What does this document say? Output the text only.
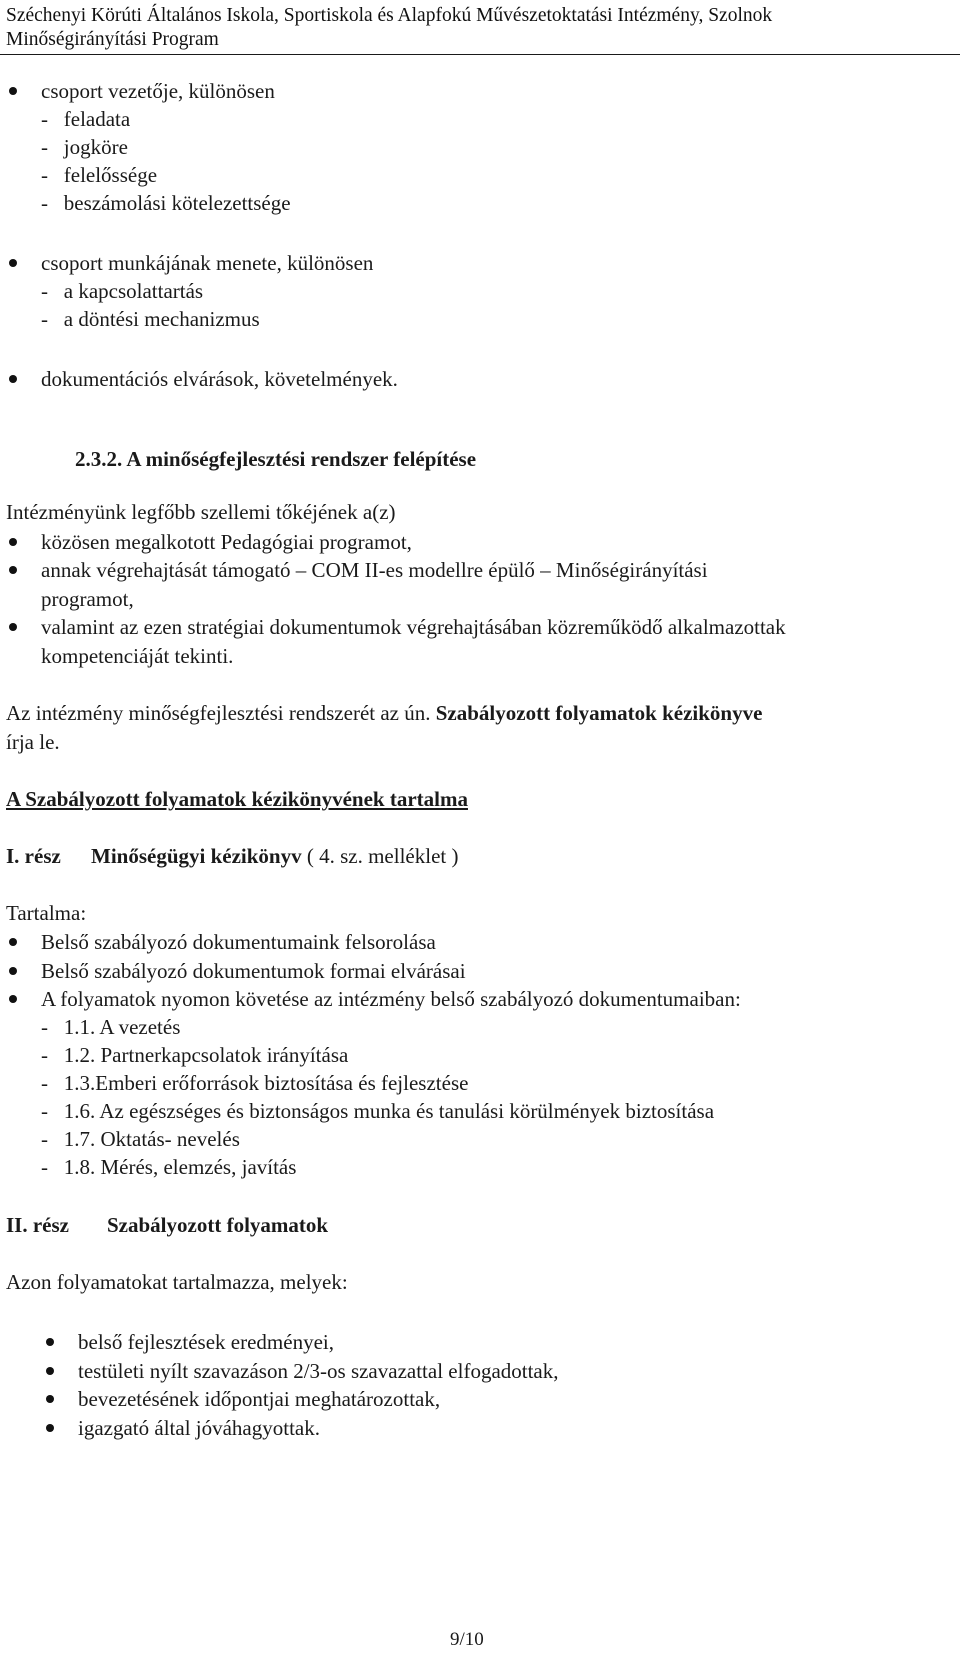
Széchenyi Körúti Általános Iskola, Sportiskola és Alapfokú Művészetoktatási Intézmény, Szolnok
Minőségirányítási Program
csoport vezetője, különösen
-   feladata
-   jogköre
-   felelőssége
-   beszámolási kötelezettsége
csoport munkájának menete, különösen
-   a kapcsolattartás
-   a döntési mechanizmus
dokumentációs elvárások, követelmények.
2.3.2. A minőségfejlesztési rendszer felépítése
Intézményünk legfőbb szellemi tőkéjének a(z)
közösen megalkotott Pedagógiai programot,
annak végrehajtását támogató – COM II-es modellre épülő – Minőségirányítási
programot,
valamint az ezen stratégiai dokumentumok végrehajtásában közreműködő alkalmazottak
kompetenciáját tekinti.
Az intézmény minőségfejlesztési rendszerét az ún. Szabályozott folyamatok kézikönyve
írja le.
A Szabályozott folyamatok kézikönyvének tartalma
I. rész Minőségügyi kézikönyv ( 4. sz. melléklet )
Tartalma:
Belső szabályozó dokumentumaink felsorolása
Belső szabályozó dokumentumok formai elvárásai
A folyamatok nyomon követése az intézmény belső szabályozó dokumentumaiban:
-   1.1. A vezetés
-   1.2. Partnerkapcsolatok irányítása
-   1.3.Emberi erőforrások biztosítása és fejlesztése
-   1.6. Az egészséges és biztonságos munka és tanulási körülmények biztosítása
-   1.7. Oktatás- nevelés
-   1.8. Mérés, elemzés, javítás
II. rész Szabályozott folyamatok
Azon folyamatokat tartalmazza, melyek:
belső fejlesztések eredményei,
testületi nyílt szavazáson 2/3-os szavazattal elfogadottak,
bevezetésének időpontjai meghatározottak,
igazgató által jóváhagyottak.
9/10
